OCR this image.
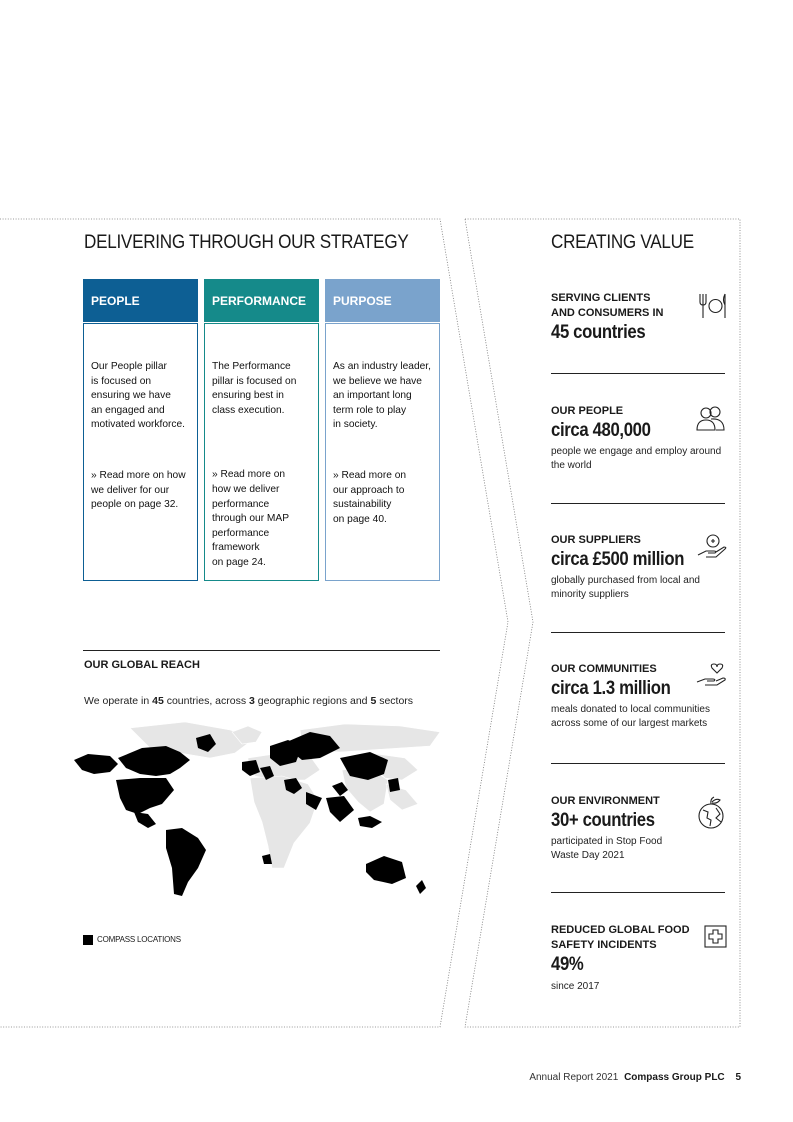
DELIVERING THROUGH OUR STRATEGY
PEOPLE	PERFORMANCE	PURPOSE

Our People pillar
is focused on
ensuring we have
an engaged and
motivated workforce.

» Read more on how
we deliver for our
people on page 32.

The Performance
pillar is focused on
ensuring best in
class execution.

» Read more on
how we deliver
performance
through our MAP
performance
framework
on page 24.

As an industry leader,
we believe we have
an important long
term role to play
in society.

» Read more on
our approach to
sustainability
on page 40.

OUR GLOBAL REACH
We operate in 45 countries, across 3 geographic regions and 5 sectors
COMPASS LOCATIONS
CREATING VALUE
SERVING CLIENTS
AND CONSUMERS IN
45 countries
OUR PEOPLE
circa 480,000
people we engage and employ around
the world
OUR SUPPLIERS
circa £500 million
globally purchased from local and
minority suppliers
OUR COMMUNITIES
circa 1.3 million
meals donated to local communities
across some of our largest markets
OUR ENVIRONMENT
30+ countries
participated in Stop Food
Waste Day 2021
REDUCED GLOBAL FOOD
SAFETY INCIDENTS
49%
since 2017
Annual Report 2021 Compass Group PLC 5
